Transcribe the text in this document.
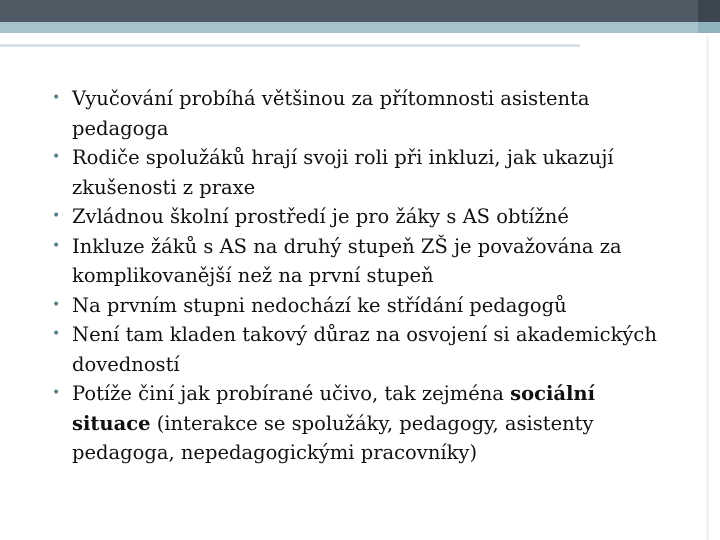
• Vyučování probíhá většinou za přítomnosti asistenta pedagoga
• Rodiče spolužáků hrají svoji roli při inkluzi, jak ukazují zkušenosti z praxe
• Zvládnou školní prostředí je pro žáky s AS obtížné
• Inkluze žáků s AS na druhý stupeň ZŠ je považována za komplikovanější než na první stupeň
• Na prvním stupni nedochází ke střídání pedagogů
• Není tam kladen takový důraz na osvojení si akademických dovedností
• Potíže činí jak probírané učivo, tak zejména sociální situace (interakce se spolužáky, pedagogy, asistenty pedagoga, nepedagogickými pracovníky)
